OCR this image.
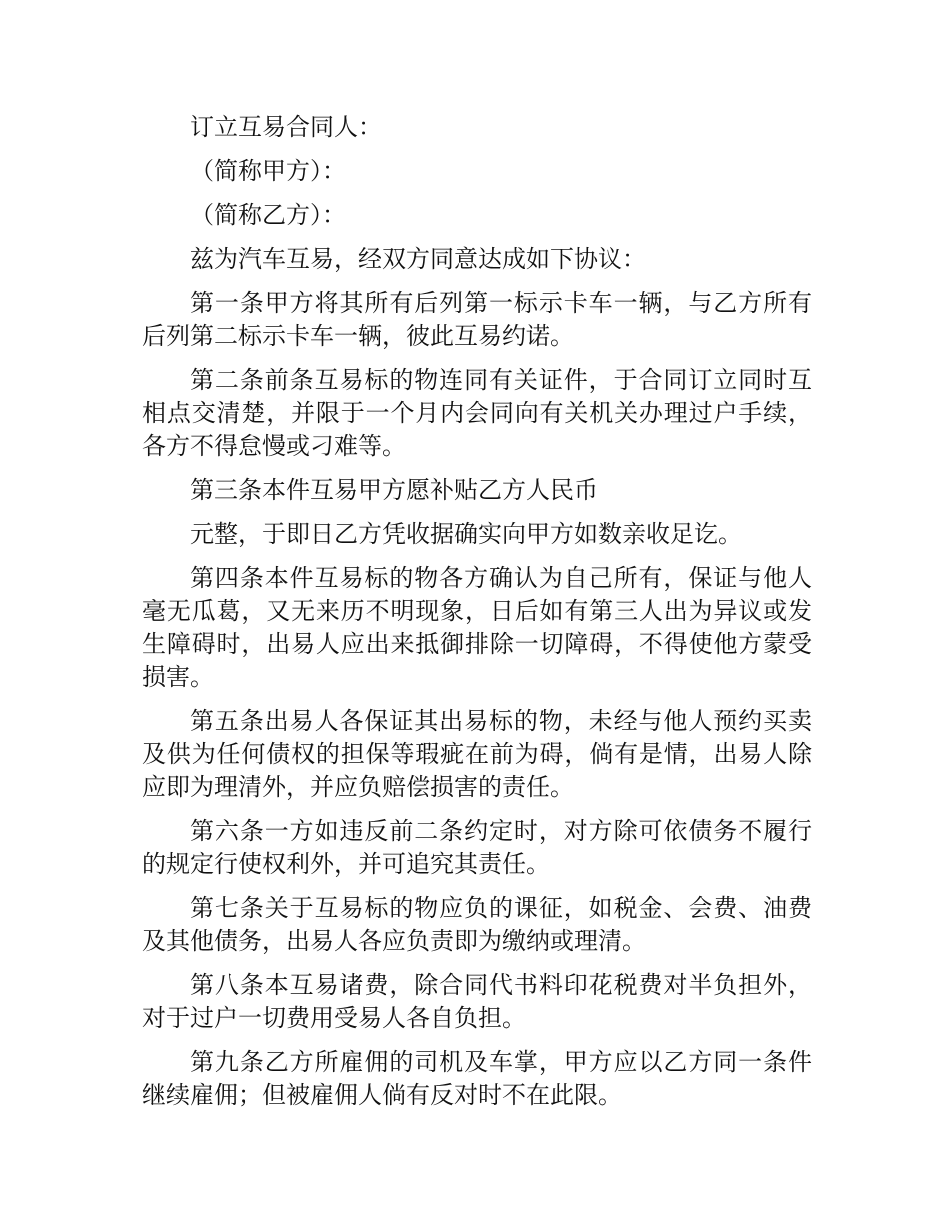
订立互易合同人：

（简称甲方）：

（简称乙方）：

兹为汽车互易，经双方同意达成如下协议：

第一条甲方将其所有后列第一标示卡车一辆，与乙方所有后列第二标示卡车一辆，彼此互易约诺。

第二条前条互易标的物连同有关证件，于合同订立同时互相点交清楚，并限于一个月内会同向有关机关办理过户手续，各方不得怠慢或刁难等。

第三条本件互易甲方愿补贴乙方人民币

元整，于即日乙方凭收据确实向甲方如数亲收足讫。

第四条本件互易标的物各方确认为自己所有，保证与他人毫无瓜葛，又无来历不明现象，日后如有第三人出为异议或发生障碍时，出易人应出来抵御排除一切障碍，不得使他方蒙受损害。

第五条出易人各保证其出易标的物，未经与他人预约买卖及供为任何债权的担保等瑕疵在前为碍，倘有是情，出易人除应即为理清外，并应负赔偿损害的责任。

第六条一方如违反前二条约定时，对方除可依债务不履行的规定行使权利外，并可追究其责任。

第七条关于互易标的物应负的课征，如税金、会费、油费及其他债务，出易人各应负责即为缴纳或理清。

第八条本互易诸费，除合同代书料印花税费对半负担外，对于过户一切费用受易人各自负担。

第九条乙方所雇佣的司机及车掌，甲方应以乙方同一条件继续雇佣；但被雇佣人倘有反对时不在此限。
